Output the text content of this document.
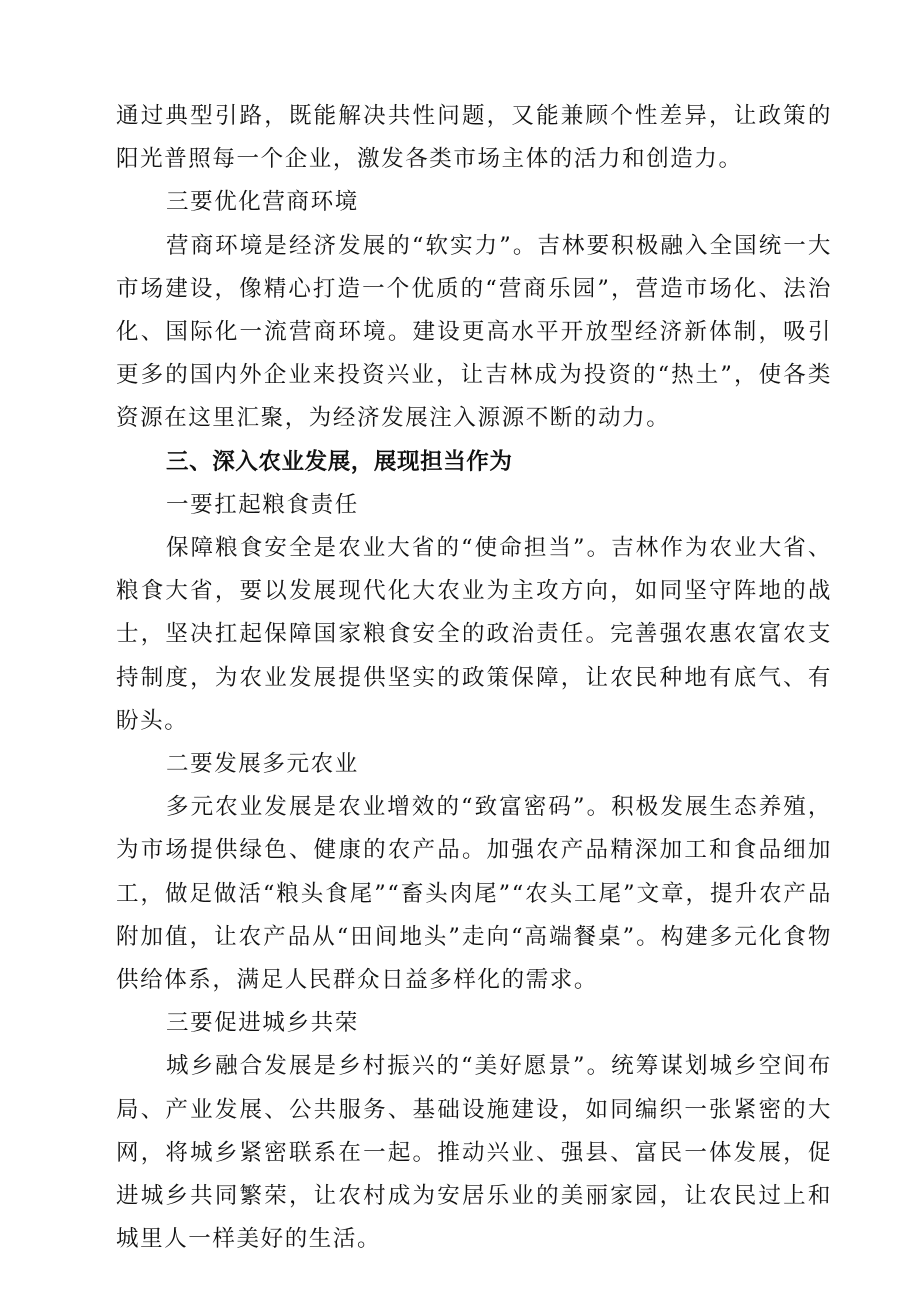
通过典型引路，既能解决共性问题，又能兼顾个性差异，让政策的阳光普照每一个企业，激发各类市场主体的活力和创造力。

三要优化营商环境

营商环境是经济发展的“软实力”。吉林要积极融入全国统一大市场建设，像精心打造一个优质的“营商乐园”，营造市场化、法治化、国际化一流营商环境。建设更高水平开放型经济新体制，吸引更多的国内外企业来投资兴业，让吉林成为投资的“热土”，使各类资源在这里汇聚，为经济发展注入源源不断的动力。

三、深入农业发展，展现担当作为

一要扛起粮食责任

保障粮食安全是农业大省的“使命担当”。吉林作为农业大省、粮食大省，要以发展现代化大农业为主攻方向，如同坚守阵地的战士，坚决扛起保障国家粮食安全的政治责任。完善强农惠农富农支持制度，为农业发展提供坚实的政策保障，让农民种地有底气、有盼头。

二要发展多元农业

多元农业发展是农业增效的“致富密码”。积极发展生态养殖，为市场提供绿色、健康的农产品。加强农产品精深加工和食品细加工，做足做活“粮头食尾”“畜头肉尾”“农头工尾”文章，提升农产品附加值，让农产品从“田间地头”走向“高端餐桌”。构建多元化食物供给体系，满足人民群众日益多样化的需求。

三要促进城乡共荣

城乡融合发展是乡村振兴的“美好愿景”。统筹谋划城乡空间布局、产业发展、公共服务、基础设施建设，如同编织一张紧密的大网，将城乡紧密联系在一起。推动兴业、强县、富民一体发展，促进城乡共同繁荣，让农村成为安居乐业的美丽家园，让农民过上和城里人一样美好的生活。
